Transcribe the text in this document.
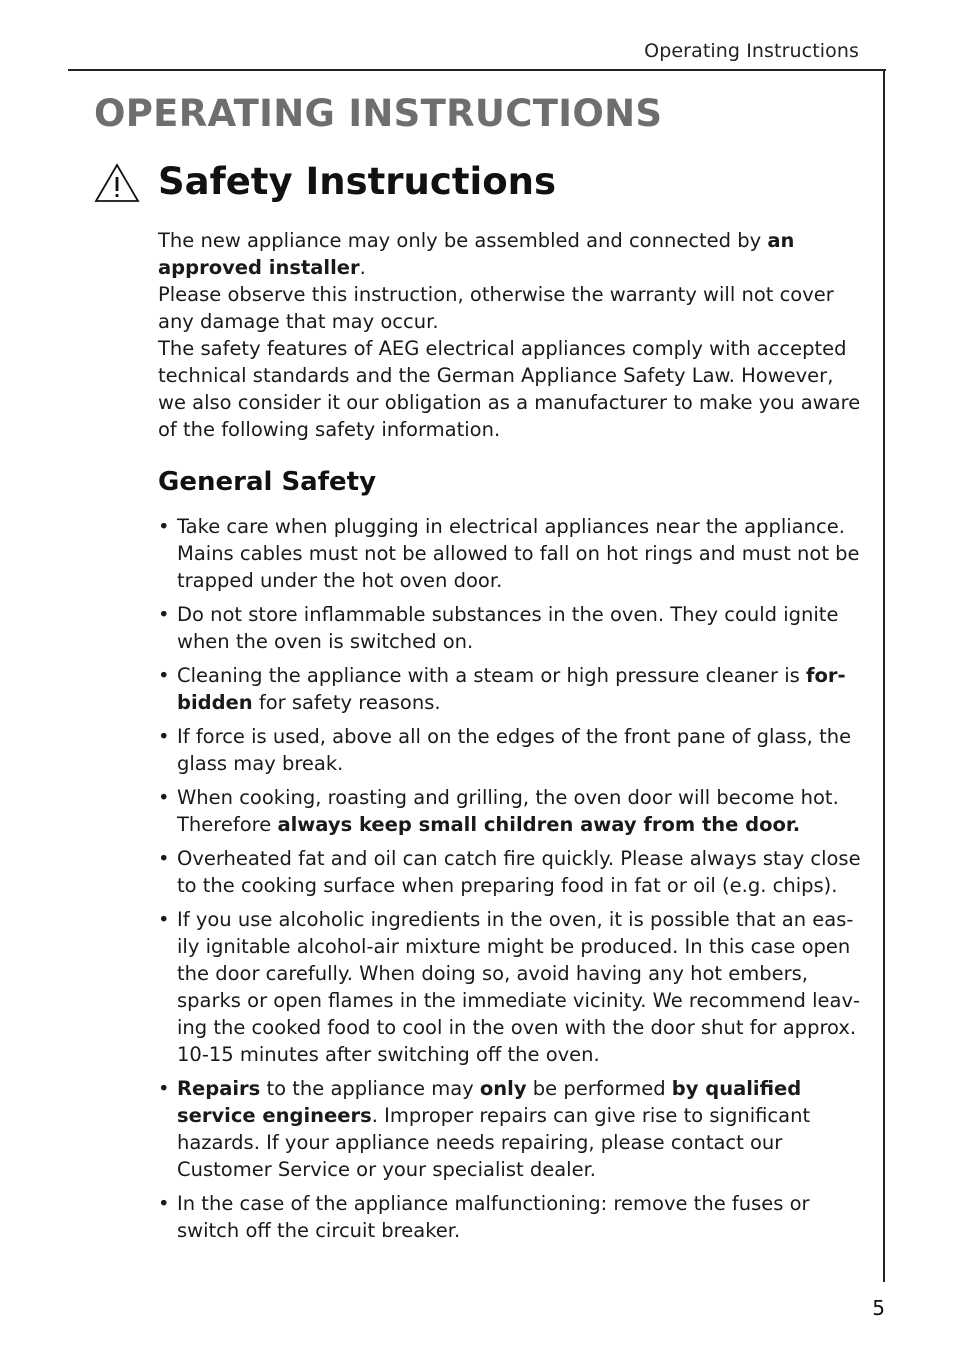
Operating Instructions
OPERATING INSTRUCTIONS
Safety Instructions

The new appliance may only be assembled and connected by an approved installer.

Please observe this instruction, otherwise the warranty will not cover any damage that may occur.

The safety features of AEG electrical appliances comply with accepted technical standards and the German Appliance Safety Law. However, we also consider it our obligation as a manufacturer to make you aware of the following safety information.

General Safety
• Take care when plugging in electrical appliances near the appliance. Mains cables must not be allowed to fall on hot rings and must not be trapped under the hot oven door.
• Do not store inflammable substances in the oven. They could ignite when the oven is switched on.
• Cleaning the appliance with a steam or high pressure cleaner is forbidden for safety reasons.
• If force is used, above all on the edges of the front pane of glass, the glass may break.
• When cooking, roasting and grilling, the oven door will become hot. Therefore always keep small children away from the door.
• Overheated fat and oil can catch fire quickly. Please always stay close to the cooking surface when preparing food in fat or oil (e.g. chips).
• If you use alcoholic ingredients in the oven, it is possible that an easily ignitable alcohol-air mixture might be produced. In this case open the door carefully. When doing so, avoid having any hot embers, sparks or open flames in the immediate vicinity. We recommend leaving the cooked food to cool in the oven with the door shut for approx. 10-15 minutes after switching off the oven.
• Repairs to the appliance may only be performed by qualified service engineers. Improper repairs can give rise to significant hazards. If your appliance needs repairing, please contact our Customer Service or your specialist dealer.
• In the case of the appliance malfunctioning: remove the fuses or switch off the circuit breaker.
5
